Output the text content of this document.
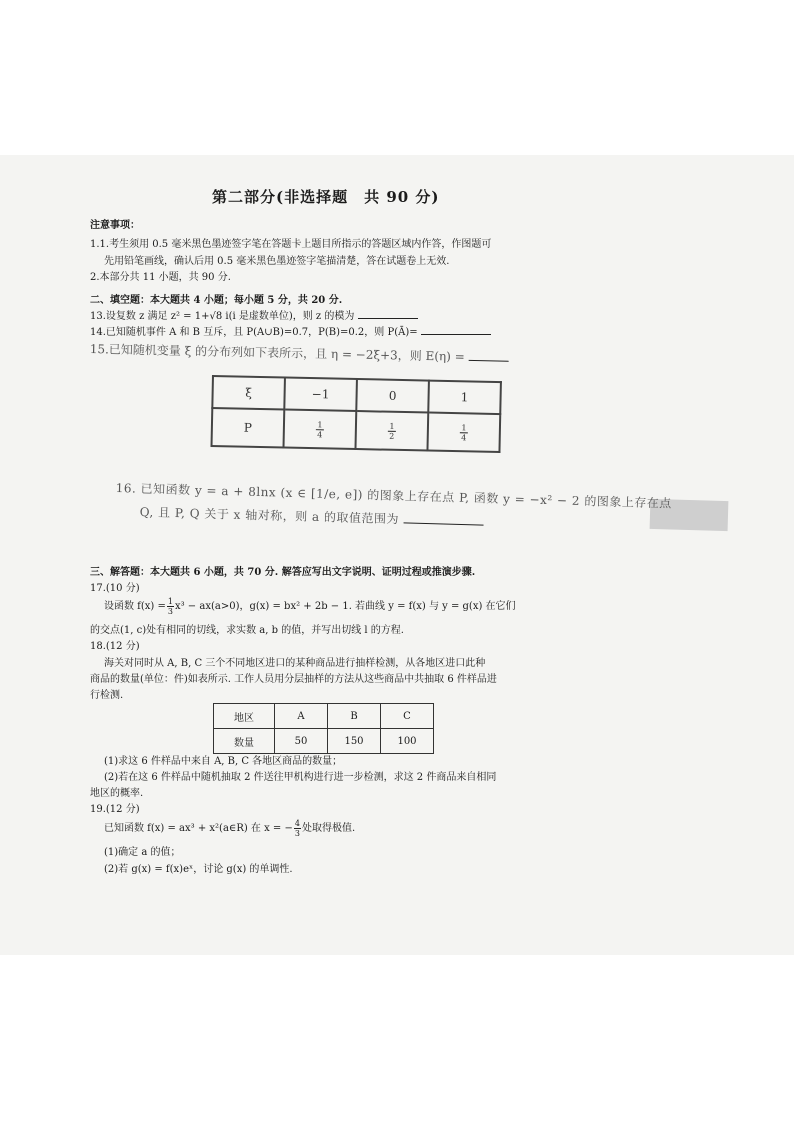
第二部分(非选择题　共 90 分)
注意事项：
1.1.考生须用 0.5 毫米黑色墨迹签字笔在答题卡上题目所指示的答题区域内作答，作图题可
先用铅笔画线，确认后用 0.5 毫米黑色墨迹签字笔描清楚，答在试题卷上无效.
2.本部分共 11 小题，共 90 分.
二、填空题：本大题共 4 小题；每小题 5 分，共 20 分.
13.设复数 z 满足 z² = 1+√8 i(i 是虚数单位)，则 z 的模为
14.已知随机事件 A 和 B 互斥，且 P(A∪B)=0.7，P(B)=0.2，则 P(Ā)=
15.已知随机变量 ξ 的分布列如下表所示，且 η = −2ξ+3，则 E(η) =
ξ	−1	0	1
P	$\frac{1}{4}$	$\frac{1}{2}$	$\frac{1}{4}$
16. 已知函数 y = a + 8lnx (x ∈ [1/e, e]) 的图象上存在点 P, 函数 y = −x² − 2 的图象上存在点
Q, 且 P, Q 关于 x 轴对称，则 a 的取值范围为
三、解答题：本大题共 6 小题，共 70 分. 解答应写出文字说明、证明过程或推演步骤.
17.(10 分)
设函数 $f(x) = \frac{1}{3} x^3 - ax(a>0)$，g(x) = bx² + 2b − 1. 若曲线 y = f(x) 与 y = g(x) 在它们
的交点(1, c)处有相同的切线，求实数 a, b 的值，并写出切线 l 的方程.
18.(12 分)
海关对同时从 A, B, C 三个不同地区进口的某种商品进行抽样检测，从各地区进口此种
商品的数量(单位：件)如表所示. 工作人员用分层抽样的方法从这些商品中共抽取 6 件样品进
行检测.
地区	A	B	C
数量	50	150	100
(1)求这 6 件样品中来自 A, B, C 各地区商品的数量；
(2)若在这 6 件样品中随机抽取 2 件送往甲机构进行进一步检测，求这 2 件商品来自相同
地区的概率.
19.(12 分)
已知函数 f(x) = ax³ + x²(a∈R) 在 x = − $\frac{4}{3}$ 处取得极值.
(1)确定 a 的值；
(2)若 g(x) = f(x)eˣ，讨论 g(x) 的单调性.
